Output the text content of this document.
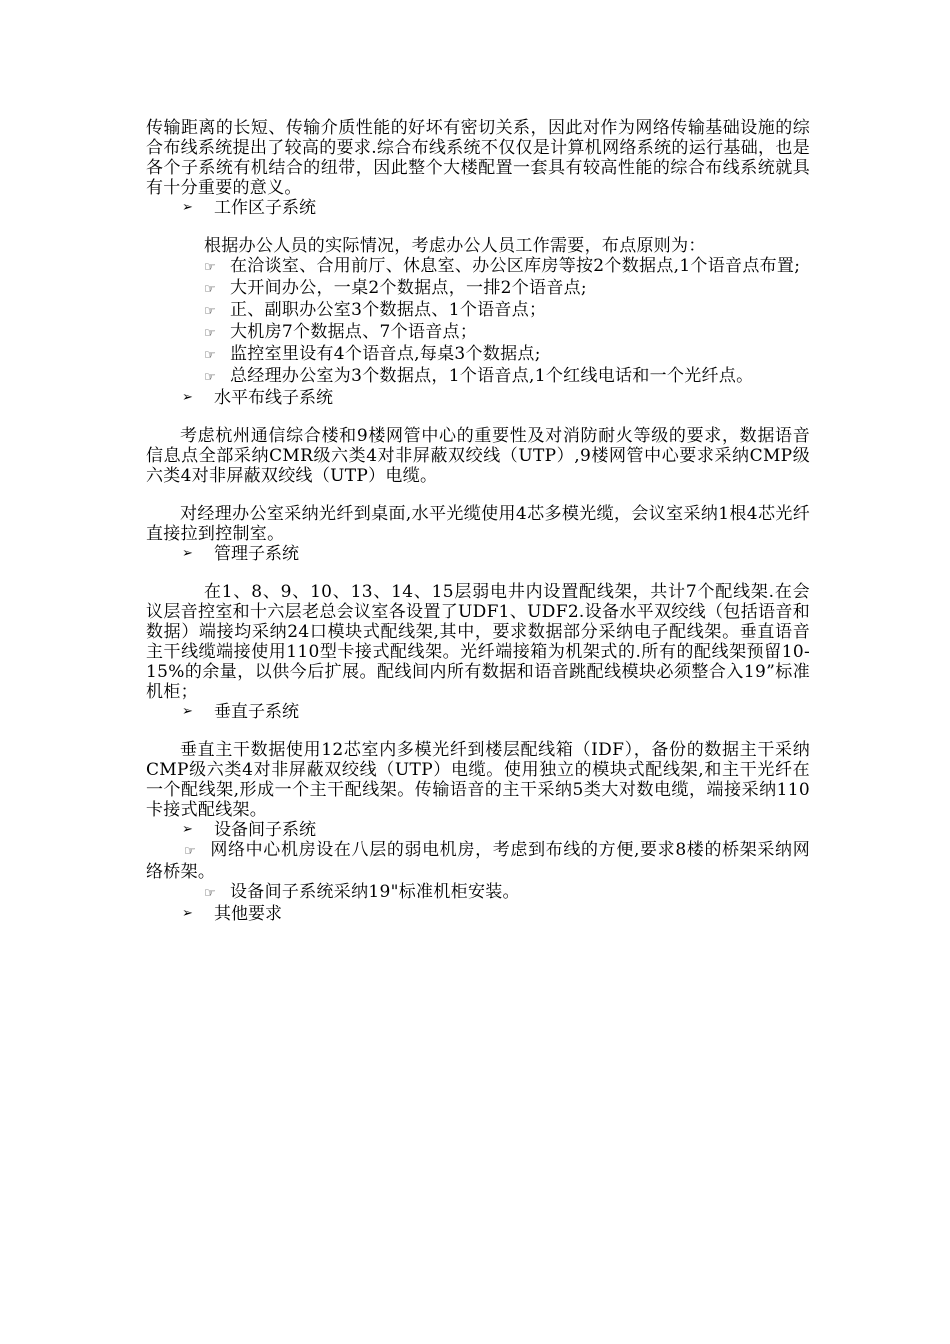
传输距离的长短、传输介质性能的好坏有密切关系，因此对作为网络传输基础设施的综合布线系统提出了较高的要求.综合布线系统不仅仅是计算机网络系统的运行基础，也是各个子系统有机结合的纽带，因此整个大楼配置一套具有较高性能的综合布线系统就具有十分重要的意义。

➢	工作区子系统

根据办公人员的实际情况，考虑办公人员工作需要，布点原则为：

☞ 在洽谈室、合用前厅、休息室、办公区库房等按2个数据点,1个语音点布置;

☞ 大开间办公，一桌2个数据点，一排2个语音点;

☞ 正、副职办公室3个数据点、1个语音点；

☞ 大机房7个数据点、7个语音点；

☞ 监控室里设有4个语音点,每桌3个数据点;

☞ 总经理办公室为3个数据点，1个语音点,1个红线电话和一个光纤点。

➢	水平布线子系统

考虑杭州通信综合楼和9楼网管中心的重要性及对消防耐火等级的要求，数据语音信息点全部采纳CMR级六类4对非屏蔽双绞线（UTP）,9楼网管中心要求采纳CMP级六类4对非屏蔽双绞线（UTP）电缆。

对经理办公室采纳光纤到桌面,水平光缆使用4芯多模光缆，会议室采纳1根4芯光纤直接拉到控制室。

➢	管理子系统

在1、8、9、10、13、14、15层弱电井内设置配线架，共计7个配线架.在会议层音控室和十六层老总会议室各设置了UDF1、UDF2.设备水平双绞线（包括语音和数据）端接均采纳24口模块式配线架,其中，要求数据部分采纳电子配线架。垂直语音主干线缆端接使用110型卡接式配线架。光纤端接箱为机架式的.所有的配线架预留10-15%的余量，以供今后扩展。配线间内所有数据和语音跳配线模块必须整合入19”标准机柜；

➢	垂直子系统

垂直主干数据使用12芯室内多模光纤到楼层配线箱（IDF），备份的数据主干采纳CMP级六类4对非屏蔽双绞线（UTP）电缆。使用独立的模块式配线架,和主干光纤在一个配线架,形成一个主干配线架。传输语音的主干采纳5类大对数电缆，端接采纳110卡接式配线架。

➢	设备间子系统

☞ 网络中心机房设在八层的弱电机房，考虑到布线的方便,要求8楼的桥架采纳网络桥架。

☞ 设备间子系统采纳19"标准机柜安装。

➢	其他要求
